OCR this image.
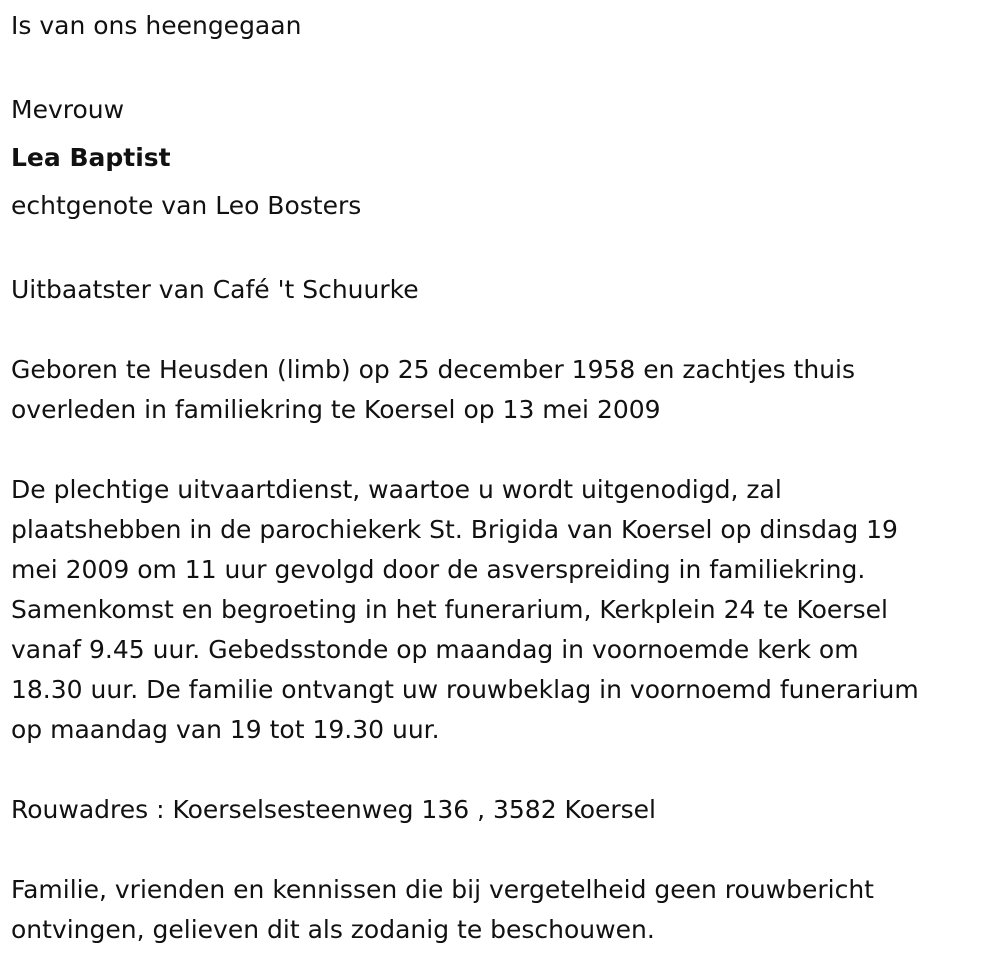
Is van ons heengegaan
Mevrouw
Lea Baptist
echtgenote van Leo Bosters
Uitbaatster van Café 't Schuurke
Geboren te Heusden (limb) op 25 december 1958 en zachtjes thuis
overleden in familiekring te Koersel op 13 mei 2009
De plechtige uitvaartdienst, waartoe u wordt uitgenodigd, zal
plaatshebben in de parochiekerk St. Brigida van Koersel op dinsdag 19
mei 2009 om 11 uur gevolgd door de asverspreiding in familiekring.
Samenkomst en begroeting in het funerarium, Kerkplein 24 te Koersel
vanaf 9.45 uur. Gebedsstonde op maandag in voornoemde kerk om
18.30 uur. De familie ontvangt uw rouwbeklag in voornoemd funerarium
op maandag van 19 tot 19.30 uur.
Rouwadres : Koerselsesteenweg 136 , 3582 Koersel
Familie, vrienden en kennissen die bij vergetelheid geen rouwbericht
ontvingen, gelieven dit als zodanig te beschouwen.
